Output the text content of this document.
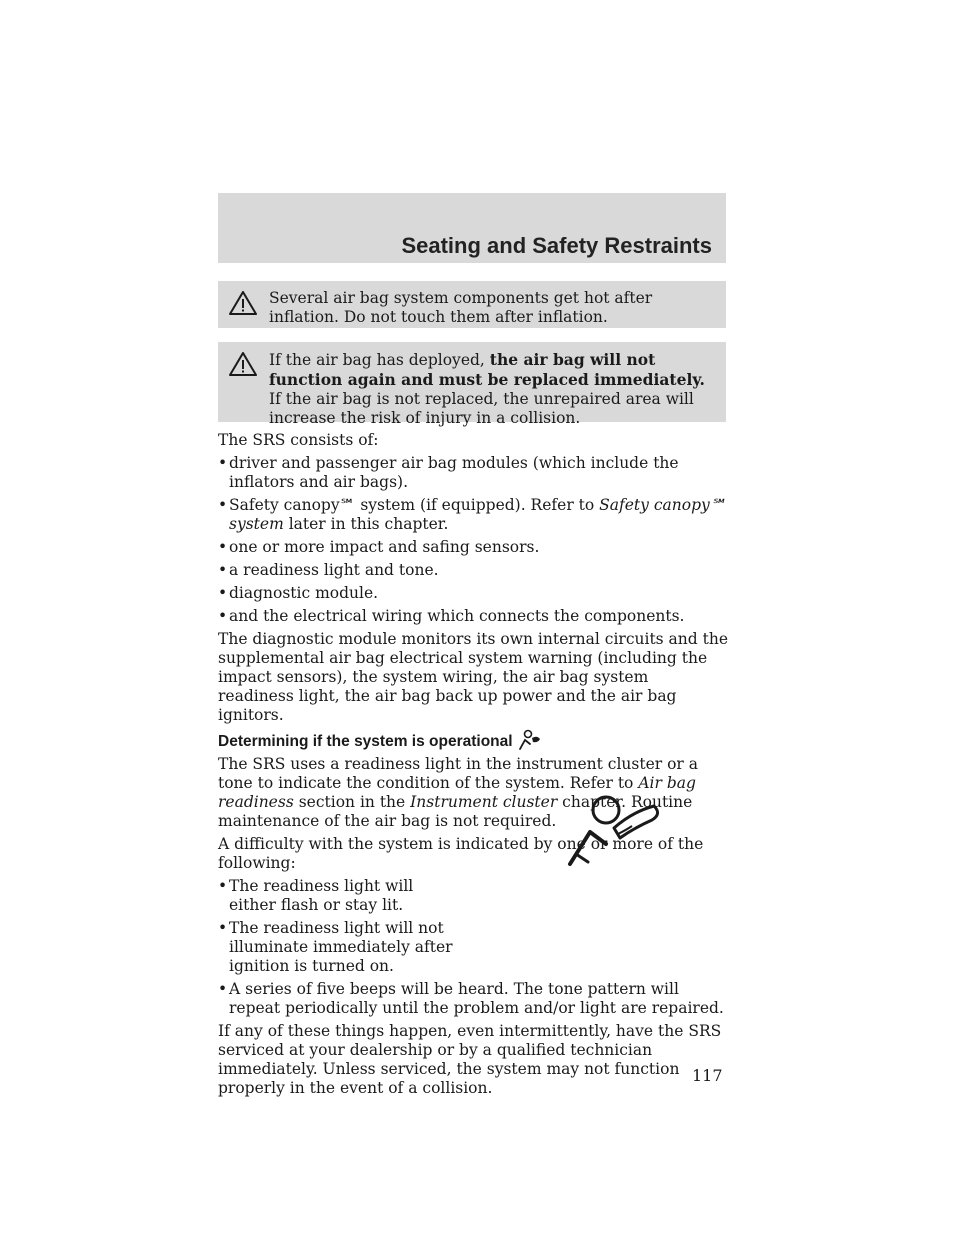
Seating and Safety Restraints
Several air bag system components get hot after inflation. Do not touch them after inflation.
If the air bag has deployed, the air bag will not function again and must be replaced immediately. If the air bag is not replaced, the unrepaired area will increase the risk of injury in a collision.

The SRS consists of:

• driver and passenger air bag modules (which include the inflators and air bags).
• Safety canopy℠ system (if equipped). Refer to Safety canopy℠ system later in this chapter.
• one or more impact and safing sensors.
• a readiness light and tone.
• diagnostic module.
• and the electrical wiring which connects the components.

The diagnostic module monitors its own internal circuits and the supplemental air bag electrical system warning (including the impact sensors), the system wiring, the air bag system readiness light, the air bag back up power and the air bag ignitors.

Determining if the system is operational

The SRS uses a readiness light in the instrument cluster or a tone to indicate the condition of the system. Refer to Air bag readiness section in the Instrument cluster chapter. Routine maintenance of the air bag is not required.

A difficulty with the system is indicated by one or more of the following:

• The readiness light will either flash or stay lit.
• The readiness light will not illuminate immediately after ignition is turned on.
• A series of five beeps will be heard. The tone pattern will repeat periodically until the problem and/or light are repaired.

If any of these things happen, even intermittently, have the SRS serviced at your dealership or by a qualified technician immediately. Unless serviced, the system may not function properly in the event of a collision.

117
